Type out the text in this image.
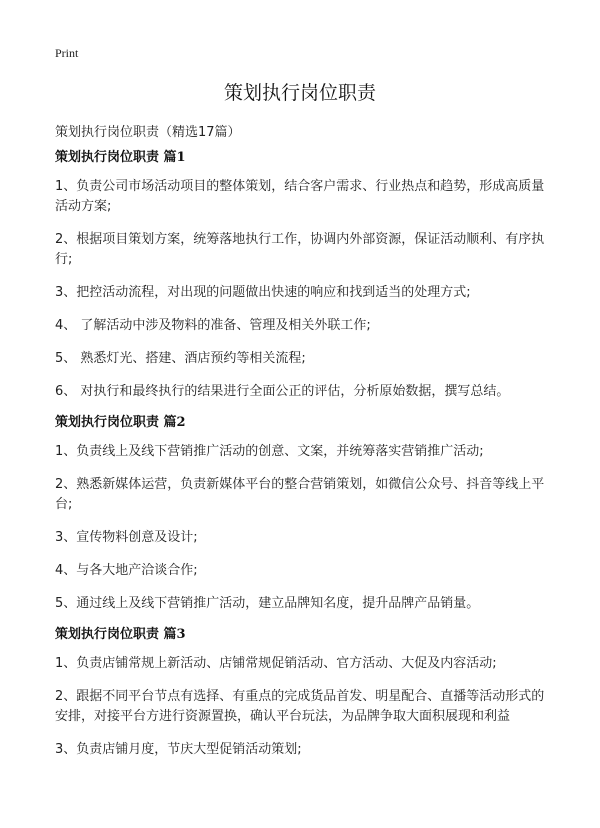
Print
策划执行岗位职责
策划执行岗位职责（精选17篇）
策划执行岗位职责 篇1
1、负责公司市场活动项目的整体策划，结合客户需求、行业热点和趋势，形成高质量活动方案;
2、根据项目策划方案，统筹落地执行工作，协调内外部资源，保证活动顺利、有序执行;
3、把控活动流程，对出现的问题做出快速的响应和找到适当的处理方式;
4、 了解活动中涉及物料的准备、管理及相关外联工作;
5、 熟悉灯光、搭建、酒店预约等相关流程;
6、 对执行和最终执行的结果进行全面公正的评估，分析原始数据，撰写总结。
策划执行岗位职责 篇2
1、负责线上及线下营销推广活动的创意、文案，并统筹落实营销推广活动;
2、熟悉新媒体运营，负责新媒体平台的整合营销策划，如微信公众号、抖音等线上平台;
3、宣传物料创意及设计;
4、与各大地产洽谈合作;
5、通过线上及线下营销推广活动，建立品牌知名度，提升品牌产品销量。
策划执行岗位职责 篇3
1、负责店铺常规上新活动、店铺常规促销活动、官方活动、大促及内容活动;
2、跟据不同平台节点有选择、有重点的完成货品首发、明星配合、直播等活动形式的安排，对接平台方进行资源置换，确认平台玩法，为品牌争取大面积展现和利益
3、负责店铺月度，节庆大型促销活动策划;
